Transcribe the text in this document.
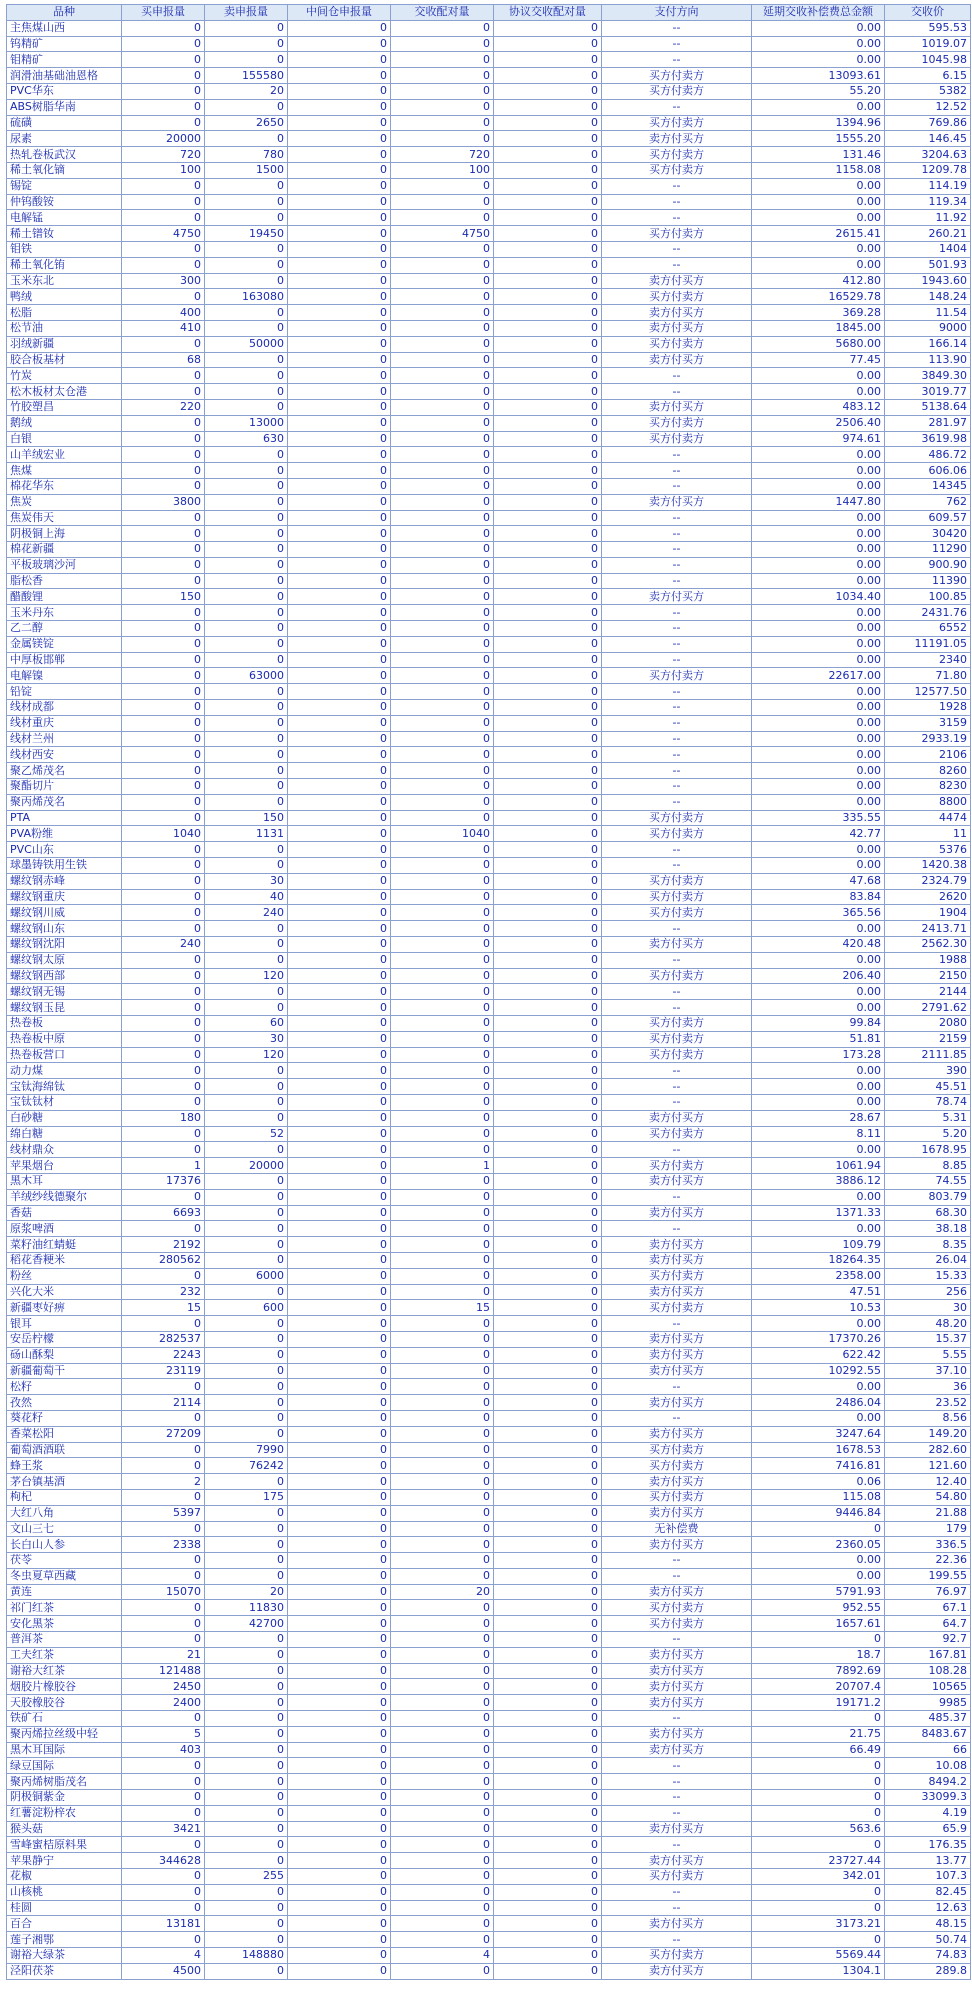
品种	买申报量	卖申报量	中间仓申报量	交收配对量	协议交收配对量	支付方向	延期交收补偿费总金额	交收价
主焦煤山西	0	0	0	0	0	--	0.00	595.53
钨精矿	0	0	0	0	0	--	0.00	1019.07
钼精矿	0	0	0	0	0	--	0.00	1045.98
润滑油基础油恩格	0	155580	0	0	0	买方付卖方	13093.61	6.15
PVC华东	0	20	0	0	0	买方付卖方	55.20	5382
ABS树脂华南	0	0	0	0	0	--	0.00	12.52
硫磺	0	2650	0	0	0	买方付卖方	1394.96	769.86
尿素	20000	0	0	0	0	卖方付买方	1555.20	146.45
热轧卷板武汉	720	780	0	720	0	买方付卖方	131.46	3204.63
稀土氧化镝	100	1500	0	100	0	买方付卖方	1158.08	1209.78
锡锭	0	0	0	0	0	--	0.00	114.19
仲钨酸铵	0	0	0	0	0	--	0.00	119.34
电解锰	0	0	0	0	0	--	0.00	11.92
稀土镨钕	4750	19450	0	4750	0	买方付卖方	2615.41	260.21
钼铁	0	0	0	0	0	--	0.00	1404
稀土氧化铕	0	0	0	0	0	--	0.00	501.93
玉米东北	300	0	0	0	0	卖方付买方	412.80	1943.60
鸭绒	0	163080	0	0	0	买方付卖方	16529.78	148.24
松脂	400	0	0	0	0	卖方付买方	369.28	11.54
松节油	410	0	0	0	0	卖方付买方	1845.00	9000
羽绒新疆	0	50000	0	0	0	买方付卖方	5680.00	166.14
胶合板基材	68	0	0	0	0	卖方付买方	77.45	113.90
竹炭	0	0	0	0	0	--	0.00	3849.30
松木板材太仓港	0	0	0	0	0	--	0.00	3019.77
竹胶塑昌	220	0	0	0	0	卖方付买方	483.12	5138.64
鹅绒	0	13000	0	0	0	买方付卖方	2506.40	281.97
白银	0	630	0	0	0	买方付卖方	974.61	3619.98
山羊绒宏业	0	0	0	0	0	--	0.00	486.72
焦煤	0	0	0	0	0	--	0.00	606.06
棉花华东	0	0	0	0	0	--	0.00	14345
焦炭	3800	0	0	0	0	卖方付买方	1447.80	762
焦炭伟天	0	0	0	0	0	--	0.00	609.57
阴极铜上海	0	0	0	0	0	--	0.00	30420
棉花新疆	0	0	0	0	0	--	0.00	11290
平板玻璃沙河	0	0	0	0	0	--	0.00	900.90
脂松香	0	0	0	0	0	--	0.00	11390
醋酸锂	150	0	0	0	0	卖方付买方	1034.40	100.85
玉米丹东	0	0	0	0	0	--	0.00	2431.76
乙二醇	0	0	0	0	0	--	0.00	6552
金属镁锭	0	0	0	0	0	--	0.00	11191.05
中厚板邯郸	0	0	0	0	0	--	0.00	2340
电解镍	0	63000	0	0	0	买方付卖方	22617.00	71.80
铅锭	0	0	0	0	0	--	0.00	12577.50
线材成都	0	0	0	0	0	--	0.00	1928
线材重庆	0	0	0	0	0	--	0.00	3159
线材兰州	0	0	0	0	0	--	0.00	2933.19
线材西安	0	0	0	0	0	--	0.00	2106
聚乙烯茂名	0	0	0	0	0	--	0.00	8260
聚酯切片	0	0	0	0	0	--	0.00	8230
聚丙烯茂名	0	0	0	0	0	--	0.00	8800
PTA	0	150	0	0	0	买方付卖方	335.55	4474
PVA粉维	1040	1131	0	1040	0	买方付卖方	42.77	11
PVC山东	0	0	0	0	0	--	0.00	5376
球墨铸铁用生铁	0	0	0	0	0	--	0.00	1420.38
螺纹钢赤峰	0	30	0	0	0	买方付卖方	47.68	2324.79
螺纹钢重庆	0	40	0	0	0	买方付卖方	83.84	2620
螺纹钢川威	0	240	0	0	0	买方付卖方	365.56	1904
螺纹钢山东	0	0	0	0	0	--	0.00	2413.71
螺纹钢沈阳	240	0	0	0	0	卖方付买方	420.48	2562.30
螺纹钢太原	0	0	0	0	0	--	0.00	1988
螺纹钢西部	0	120	0	0	0	买方付卖方	206.40	2150
螺纹钢无锡	0	0	0	0	0	--	0.00	2144
螺纹钢玉昆	0	0	0	0	0	--	0.00	2791.62
热卷板	0	60	0	0	0	买方付卖方	99.84	2080
热卷板中原	0	30	0	0	0	买方付卖方	51.81	2159
热卷板营口	0	120	0	0	0	买方付卖方	173.28	2111.85
动力煤	0	0	0	0	0	--	0.00	390
宝钛海绵钛	0	0	0	0	0	--	0.00	45.51
宝钛钛材	0	0	0	0	0	--	0.00	78.74
白砂糖	180	0	0	0	0	卖方付买方	28.67	5.31
绵白糖	0	52	0	0	0	买方付卖方	8.11	5.20
线材鼎众	0	0	0	0	0	--	0.00	1678.95
苹果烟台	1	20000	0	1	0	买方付卖方	1061.94	8.85
黑木耳	17376	0	0	0	0	卖方付买方	3886.12	74.55
羊绒纱线德聚尔	0	0	0	0	0	--	0.00	803.79
香菇	6693	0	0	0	0	卖方付买方	1371.33	68.30
原浆啤酒	0	0	0	0	0	--	0.00	38.18
菜籽油红蜻蜓	2192	0	0	0	0	卖方付买方	109.79	8.35
稻花香粳米	280562	0	0	0	0	卖方付买方	18264.35	26.04
粉丝	0	6000	0	0	0	买方付卖方	2358.00	15.33
兴化大米	232	0	0	0	0	卖方付买方	47.51	256
新疆枣好痹	15	600	0	15	0	买方付卖方	10.53	30
银耳	0	0	0	0	0	--	0.00	48.20
安岳柠檬	282537	0	0	0	0	卖方付买方	17370.26	15.37
砀山酥梨	2243	0	0	0	0	卖方付买方	622.42	5.55
新疆葡萄干	23119	0	0	0	0	卖方付买方	10292.55	37.10
松籽	0	0	0	0	0	--	0.00	36
孜然	2114	0	0	0	0	卖方付买方	2486.04	23.52
葵花籽	0	0	0	0	0	--	0.00	8.56
香菜松阳	27209	0	0	0	0	卖方付买方	3247.64	149.20
葡萄酒酒联	0	7990	0	0	0	买方付卖方	1678.53	282.60
蜂王浆	0	76242	0	0	0	买方付卖方	7416.81	121.60
茅台镇基酒	2	0	0	0	0	卖方付买方	0.06	12.40
枸杞	0	175	0	0	0	买方付卖方	115.08	54.80
大红八角	5397	0	0	0	0	卖方付买方	9446.84	21.88
文山三七	0	0	0	0	0	无补偿费	0	179
长白山人参	2338	0	0	0	0	卖方付买方	2360.05	336.5
茯苓	0	0	0	0	0	--	0.00	22.36
冬虫夏草西藏	0	0	0	0	0	--	0.00	199.55
黄连	15070	20	0	20	0	卖方付买方	5791.93	76.97
祁门红茶	0	11830	0	0	0	买方付卖方	952.55	67.1
安化黑茶	0	42700	0	0	0	买方付卖方	1657.61	64.7
普洱茶	0	0	0	0	0	--	0	92.7
工夫红茶	21	0	0	0	0	卖方付买方	18.7	167.81
谢裕大红茶	121488	0	0	0	0	卖方付买方	7892.69	108.28
烟胶片橡胶谷	2450	0	0	0	0	卖方付买方	20707.4	10565
天胶橡胶谷	2400	0	0	0	0	卖方付买方	19171.2	9985
铁矿石	0	0	0	0	0	--	0	485.37
聚丙烯拉丝级中轻	5	0	0	0	0	卖方付买方	21.75	8483.67
黑木耳国际	403	0	0	0	0	卖方付买方	66.49	66
绿豆国际	0	0	0	0	0	--	0	10.08
聚丙烯树脂茂名	0	0	0	0	0	--	0	8494.2
阴极铜紫金	0	0	0	0	0	--	0	33099.3
红薯淀粉梓农	0	0	0	0	0	--	0	4.19
猴头菇	3421	0	0	0	0	卖方付买方	563.6	65.9
雪峰蜜桔原料果	0	0	0	0	0	--	0	176.35
苹果静宁	344628	0	0	0	0	卖方付买方	23727.44	13.77
花椒	0	255	0	0	0	买方付卖方	342.01	107.3
山核桃	0	0	0	0	0	--	0	82.45
桂圆	0	0	0	0	0	--	0	12.63
百合	13181	0	0	0	0	卖方付买方	3173.21	48.15
莲子湘鄂	0	0	0	0	0	--	0	50.74
谢裕大绿茶	4	148880	0	4	0	买方付卖方	5569.44	74.83
泾阳茯茶	4500	0	0	0	0	卖方付买方	1304.1	289.8
